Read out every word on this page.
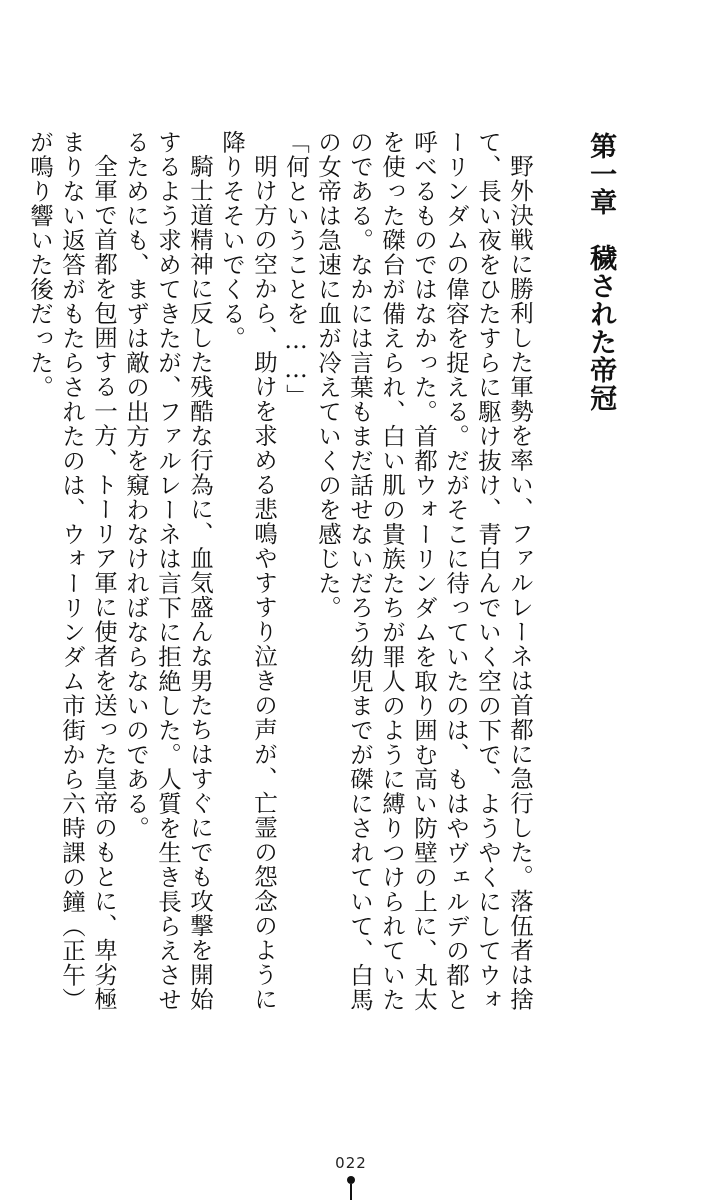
第一章　穢された帝冠

野外決戦に勝利した軍勢を率い、ファルレーネは首都に急行した。落伍者は捨て、長い夜をひたすらに駆け抜け、青白んでいく空の下で、ようやくにしてウォーリンダムの偉容を捉える。だがそこに待っていたのは、もはやヴェルデの都と呼べるものではなかった。首都ウォーリンダムを取り囲む高い防壁の上に、丸太を使った磔台が備えられ、白い肌の貴族たちが罪人のように縛りつけられていたのである。なかには言葉もまだ話せないだろう幼児までが磔にされていて、白馬の女帝は急速に血が冷えていくのを感じた。

「何ということを……」

明け方の空から、助けを求める悲鳴やすすり泣きの声が、亡霊の怨念のように降りそそいでくる。

騎士道精神に反した残酷な行為に、血気盛んな男たちはすぐにでも攻撃を開始するよう求めてきたが、ファルレーネは言下に拒絶した。人質を生き長らえさせるためにも、まずは敵の出方を窺わなければならないのである。

全軍で首都を包囲する一方、トーリア軍に使者を送った皇帝のもとに、卑劣極まりない返答がもたらされたのは、ウォーリンダム市街から六時課の鐘（正午）が鳴り響いた後だった。

022
